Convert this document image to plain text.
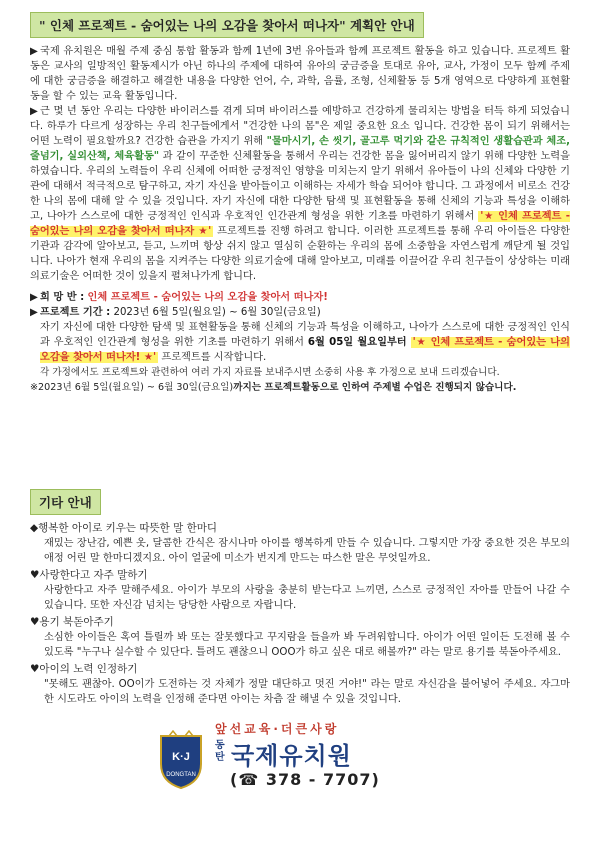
" 인체 프로젝트 - 숨어있는 나의 오감을 찾아서 떠나자" 계획안 안내

▶ 국제 유치원은 매월 주제 중심 통합 활동과 함께 1년에 3번 유아들과 함께 프로젝트 활동을 하고 있습니다. 프로젝트 활동은 교사의 일방적인 활동제시가 아닌 하나의 주제에 대하여 유아의 궁금증을 토대로 유아, 교사, 가정이 모두 함께 주제에 대한 궁금증을 해결하고 해결한 내용을 다양한 언어, 수, 과학, 음률, 조형, 신체활동 등 5개 영역으로 다양하게 표현활동을 할 수 있는 교육 활동입니다.

▶ 근 몇 년 동안 우리는 다양한 바이러스를 겪게 되며 바이러스를 예방하고 건강하게 물리치는 방법을 터득 하게 되었습니다. 하루가 다르게 성장하는 우리 친구들에게서 "건강한 나의 몸"은 제일 중요한 요소 입니다. 건강한 몸이 되기 위해서는 어떤 노력이 필요할까요? 건강한 습관을 가지기 위해 "물마시기, 손 씻기, 골고루 먹기와 같은 규칙적인 생활습관과 체조, 줄넘기, 실외산책, 체육활동" 과 같이 꾸준한 신체활동을 통해서 우리는 건강한 몸을 잃어버리지 않기 위해 다양한 노력을 하였습니다. 우리의 노력들이 우리 신체에 어떠한 긍정적인 영향을 미치는지 알기 위해서 유아들이 나의 신체와 다양한 기관에 대해서 적극적으로 탐구하고, 자기 자신을 받아들이고 이해하는 자세가 학습 되어야 합니다. 그 과정에서 비로소 건강한 나의 몸에 대해 알 수 있을 것입니다. 자기 자신에 대한 다양한 탐색 및 표현활동을 통해 신체의 기능과 특성을 이해하고, 나아가 스스로에 대한 긍정적인 인식과 우호적인 인간관계 형성을 위한 기초를 마련하기 위해서 '★ 인체 프로젝트 - 숨어있는 나의 오감을 찾아서 떠나자 ★' 프로젝트를 진행 하려고 합니다. 이러한 프로젝트를 통해 우리 아이들은 다양한 기관과 감각에 알아보고, 듣고, 느끼며 항상 쉬지 않고 열심히 순환하는 우리의 몸에 소중함을 자연스럽게 깨닫게 될 것입니다. 나아가 현재 우리의 몸을 지켜주는 다양한 의료기술에 대해 알아보고, 미래를 이끌어갈 우리 친구들이 상상하는 미래 의료기술은 어떠한 것이 있을지 펼쳐나가게 합니다.

▶ 희 망 반 : 인체 프로젝트 - 숨어있는 나의 오감을 찾아서 떠나자!

▶ 프로젝트 기간 : 2023년 6월 5일(월요일) ~ 6월 30일(금요일)

자기 자신에 대한 다양한 탐색 및 표현활동을 통해 신체의 기능과 특성을 이해하고, 나아가 스스로에 대한 긍정적인 인식과 우호적인 인간관계 형성을 위한 기초를 마련하기 위해서 6월 05일 월요일부터 '★ 인체 프로젝트 - 숨어있는 나의 오감을 찾아서 떠나자! ★' 프로젝트를 시작합니다.

각 가정에서도 프로젝트와 관련하여 여러 가지 자료를 보내주시면 소중히 사용 후 가정으로 보내 드리겠습니다.

※2023년 6월 5일(월요일) ~ 6월 30일(금요일)까지는 프로젝트활동으로 인하여 주제별 수업은 진행되지 않습니다.

기타 안내

◆행복한 아이로 키우는 따뜻한 말 한마디

재밌는 장난감, 예쁜 옷, 달콤한 간식은 잠시나마 아이를 행복하게 만들 수 있습니다. 그렇지만 가장 중요한 것은 부모의 애정 어린 말 한마디겠지요. 아이 얼굴에 미소가 번지게 만드는 따스한 말은 무엇일까요.

♥사랑한다고 자주 말하기

사랑한다고 자주 말해주세요. 아이가 부모의 사랑을 충분히 받는다고 느끼면, 스스로 긍정적인 자아를 만들어 나갈 수 있습니다. 또한 자신감 넘치는 당당한 사람으로 자랍니다.

♥용기 북돋아주기

소심한 아이들은 혹여 틀릴까 봐 또는 잘못했다고 꾸지람을 들을까 봐 두려워합니다. 아이가 어떤 일이든 도전해 볼 수 있도록 "누구나 실수할 수 있단다. 틀려도 괜찮으니 OOO가 하고 싶은 대로 해볼까?" 라는 말로 용기를 북돋아주세요.

♥아이의 노력 인정하기

"못해도 괜찮아. OO이가 도전하는 것 자체가 정말 대단하고 멋진 거야!" 라는 말로 자신감을 불어넣어 주세요. 자그마한 시도라도 아이의 노력을 인정해 준다면 아이는 차츰 잘 해낼 수 있을 것입니다.

K·J
DONGTAN
앞선교육·더큰사랑
동탄 국제유치원
(☎ 378 - 7707)
